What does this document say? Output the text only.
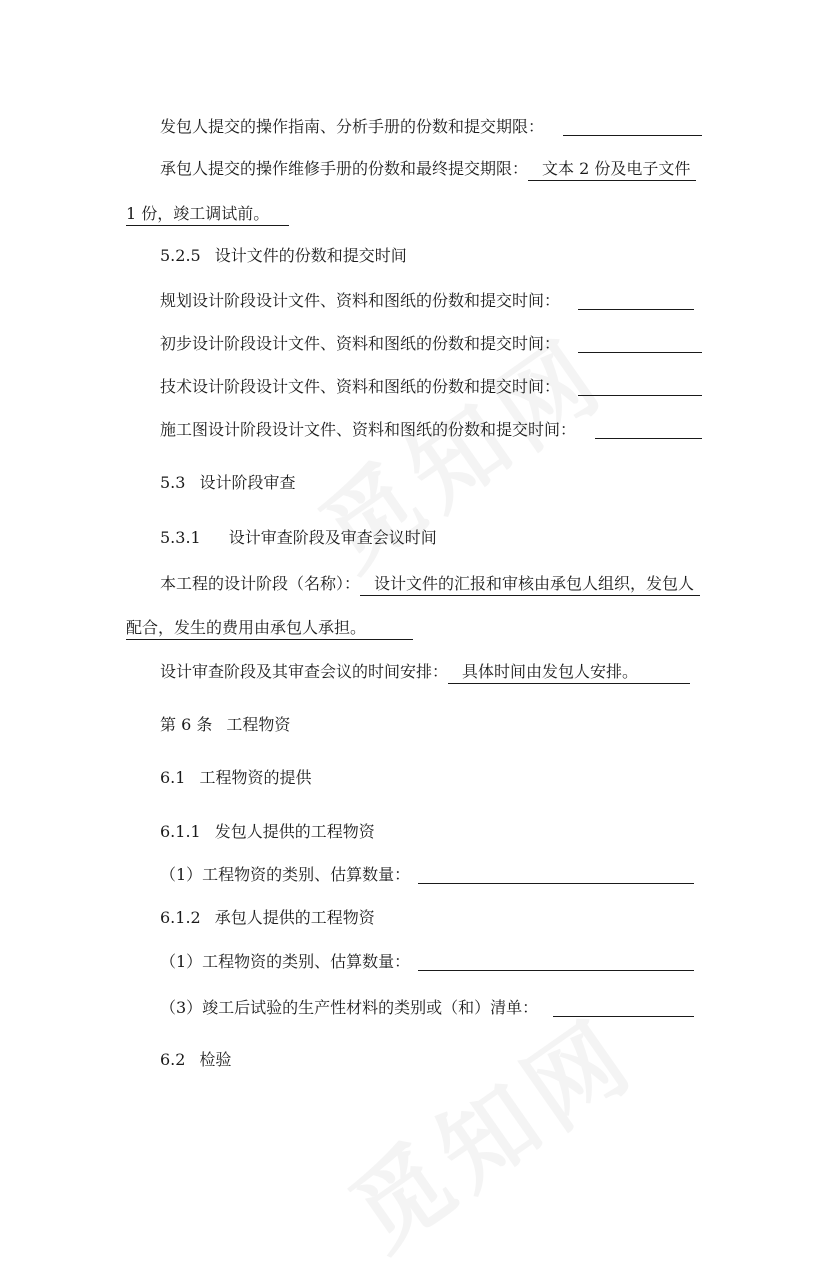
发包人提交的操作指南、分析手册的份数和提交期限：
承包人提交的操作维修手册的份数和最终提交期限： 文本 2 份及电子文件
1 份，竣工调试前。
5.2.5 设计文件的份数和提交时间
规划设计阶段设计文件、资料和图纸的份数和提交时间：
初步设计阶段设计文件、资料和图纸的份数和提交时间：
技术设计阶段设计文件、资料和图纸的份数和提交时间：
施工图设计阶段设计文件、资料和图纸的份数和提交时间：
5.3 设计阶段审查
5.3.1 设计审查阶段及审查会议时间
本工程的设计阶段（名称）： 设计文件的汇报和审核由承包人组织，发包人
配合，发生的费用由承包人承担。
设计审查阶段及其审查会议的时间安排： 具体时间由发包人安排。
第 6 条 工程物资
6.1 工程物资的提供
6.1.1 发包人提供的工程物资
（1）工程物资的类别、估算数量：
6.1.2 承包人提供的工程物资
（1）工程物资的类别、估算数量：
（3）竣工后试验的生产性材料的类别或（和）清单：
6.2 检验
